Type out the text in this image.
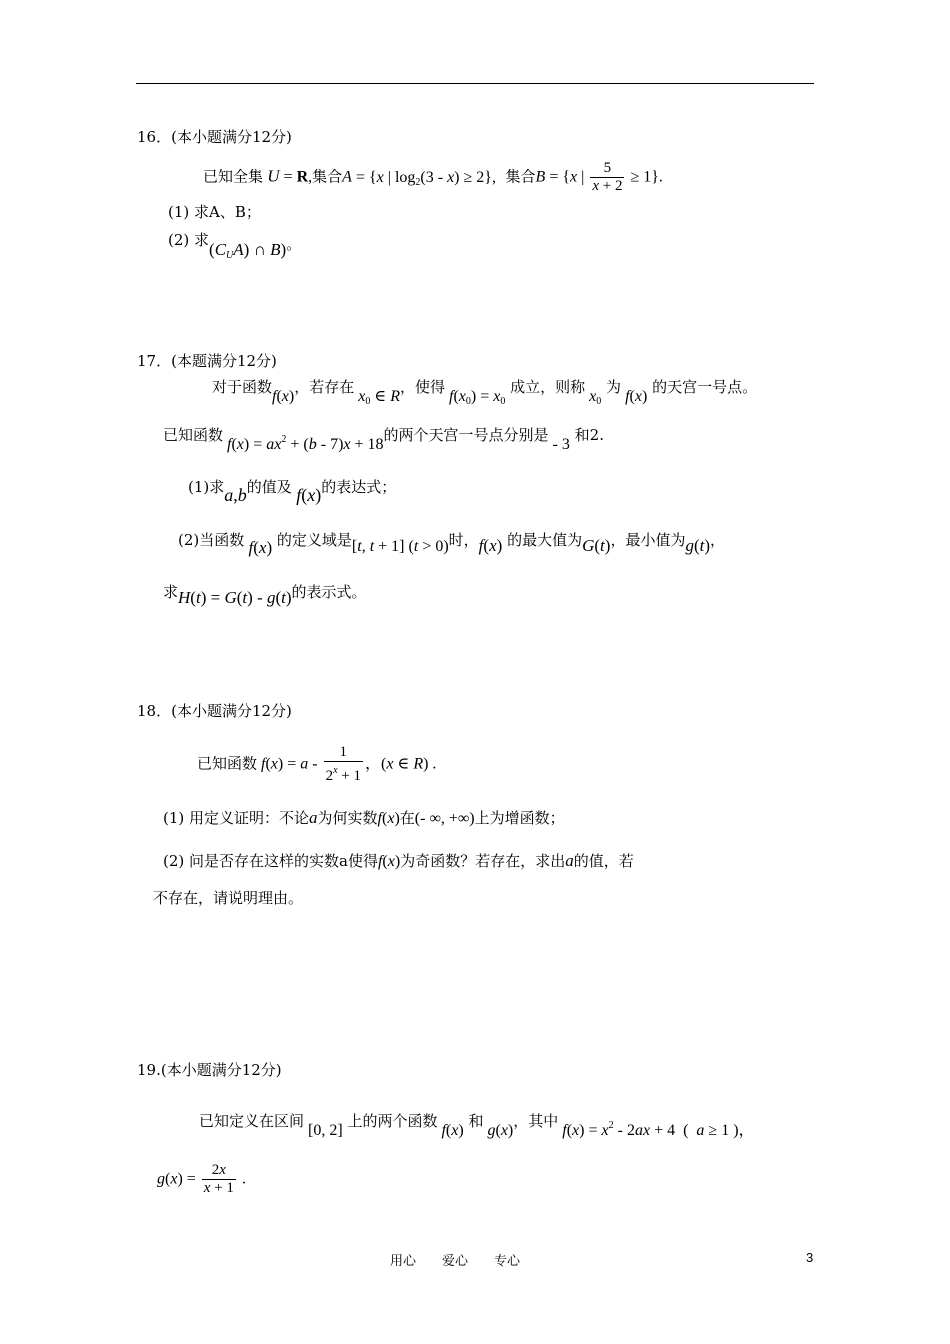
16．(本小题满分12分)
已知全集 U = R,集合A = {x | $\log_2(3 - x) \ge 2$}, 集合B = {x | $\frac{5}{x + 2} \ge 1$}.
(1) 求A、B；
(2) 求$(C_UA)$ ∩ B)。
17．(本题满分12分)
对于函数f(x)，若存在 $x_0$ ∈ R，使得 $f(x_0) = x_0$ 成立，则称 $x_0$ 为 f(x) 的天宫一号点。
已知函数 $f(x) = ax^2 + (b - 7)x + 18$的两个天宫一号点分别是 - 3 和2.
(1)求a,b的值及 f(x)的表达式；
(2)当函数 f(x) 的定义域是[t, t + 1] (t > 0)时，f(x) 的最大值为G(t)，最小值为g(t)，
求H(t) = G(t) - g(t)的表示式。
18．(本小题满分12分)
已知函数 $f(x) = a - \frac{1}{2^x + 1}$ ，(x ∈ R) .
(1) 用定义证明：不论a为何实数f(x)在(- ∞, +∞)上为增函数；
(2) 问是否存在这样的实数a使得f(x)为奇函数？若存在，求出a的值，若
不存在，请说明理由。
19.(本小题满分12分)
已知定义在区间 [0, 2] 上的两个函数 f(x) 和 g(x)，其中 $f(x) = x^2 - 2ax + 4$  (  a ≥ 1 )，
$g(x) = \frac{2x}{x + 1}$ .
用心　　爱心　　专心	3
